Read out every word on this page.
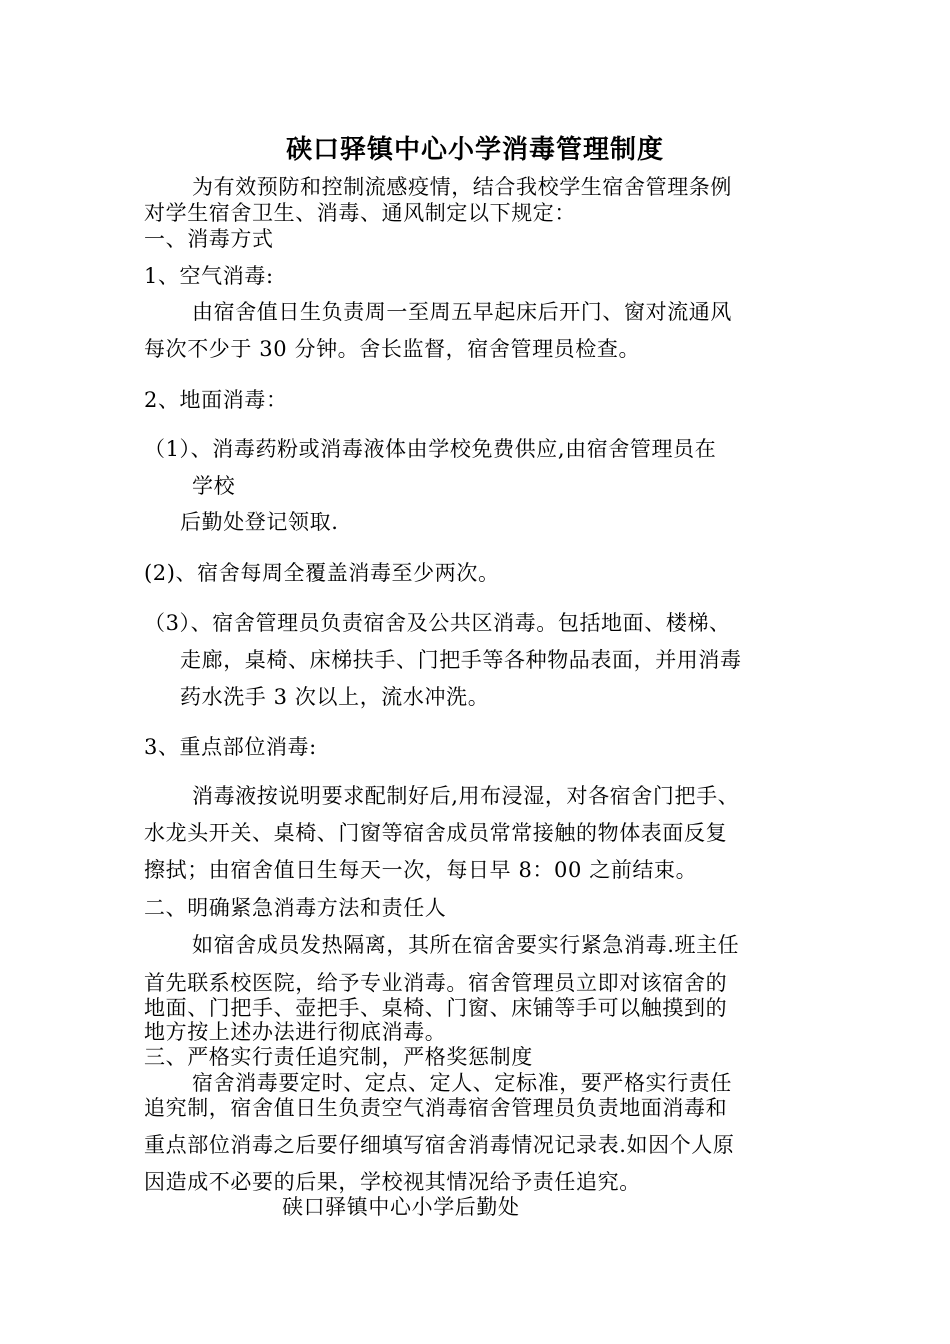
硖口驿镇中心小学消毒管理制度
为有效预防和控制流感疫情，结合我校学生宿舍管理条例
对学生宿舍卫生、消毒、通风制定以下规定：
一、消毒方式
1、空气消毒:
由宿舍值日生负责周一至周五早起床后开门、窗对流通风
每次不少于 30 分钟。舍长监督，宿舍管理员检查。
2、地面消毒：
（1）、消毒药粉或消毒液体由学校免费供应,由宿舍管理员在
学校
后勤处登记领取.
(2)、宿舍每周全覆盖消毒至少两次。
（3）、宿舍管理员负责宿舍及公共区消毒。包括地面、楼梯、
走廊，桌椅、床梯扶手、门把手等各种物品表面，并用消毒
药水洗手 3 次以上，流水冲洗。
3、重点部位消毒:
消毒液按说明要求配制好后,用布浸湿，对各宿舍门把手、
水龙头开关、桌椅、门窗等宿舍成员常常接触的物体表面反复
擦拭；由宿舍值日生每天一次，每日早 8：00 之前结束。
二、明确紧急消毒方法和责任人
如宿舍成员发热隔离，其所在宿舍要实行紧急消毒.班主任
首先联系校医院，给予专业消毒。宿舍管理员立即对该宿舍的
地面、门把手、壶把手、桌椅、门窗、床铺等手可以触摸到的
地方按上述办法进行彻底消毒。
三、严格实行责任追究制，严格奖惩制度
宿舍消毒要定时、定点、定人、定标准，要严格实行责任
追究制，宿舍值日生负责空气消毒宿舍管理员负责地面消毒和
重点部位消毒之后要仔细填写宿舍消毒情况记录表.如因个人原
因造成不必要的后果，学校视其情况给予责任追究。
硖口驿镇中心小学后勤处
